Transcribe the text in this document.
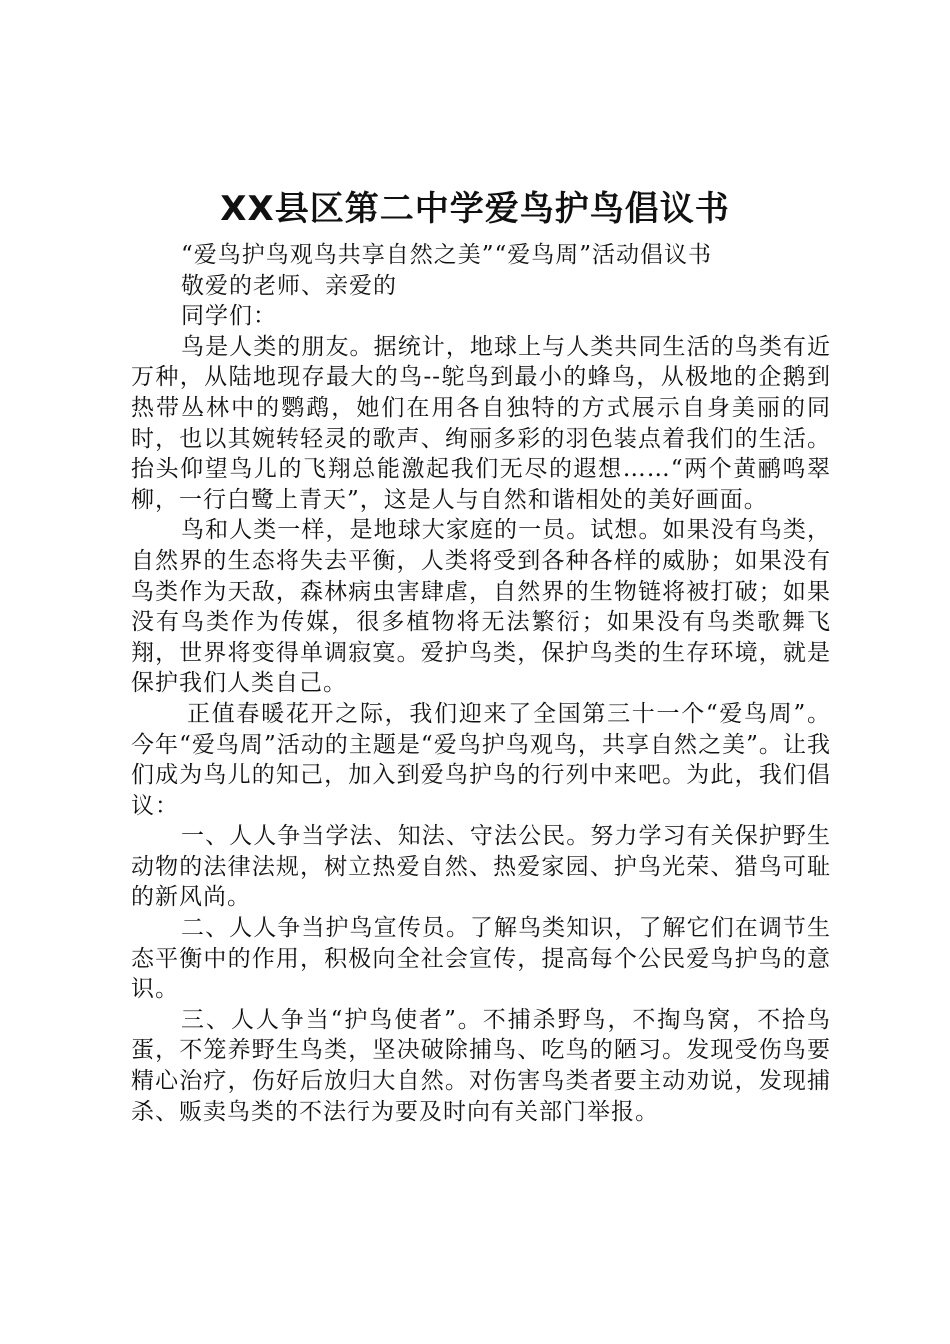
XX县区第二中学爱鸟护鸟倡议书

“爱鸟护鸟观鸟共享自然之美”“爱鸟周”活动倡议书

敬爱的老师、亲爱的

同学们：

鸟是人类的朋友。据统计，地球上与人类共同生活的鸟类有近万种，从陆地现存最大的鸟--鸵鸟到最小的蜂鸟，从极地的企鹅到热带丛林中的鹦鹉，她们在用各自独特的方式展示自身美丽的同时，也以其婉转轻灵的歌声、绚丽多彩的羽色装点着我们的生活。抬头仰望鸟儿的飞翔总能激起我们无尽的遐想……“两个黄鹂鸣翠柳，一行白鹭上青天”，这是人与自然和谐相处的美好画面。

鸟和人类一样，是地球大家庭的一员。试想。如果没有鸟类，自然界的生态将失去平衡，人类将受到各种各样的威胁；如果没有鸟类作为天敌，森林病虫害肆虐，自然界的生物链将被打破；如果没有鸟类作为传媒，很多植物将无法繁衍；如果没有鸟类歌舞飞翔，世界将变得单调寂寞。爱护鸟类，保护鸟类的生存环境，就是保护我们人类自己。

正值春暖花开之际，我们迎来了全国第三十一个“爱鸟周”。今年“爱鸟周”活动的主题是“爱鸟护鸟观鸟，共享自然之美”。让我们成为鸟儿的知己，加入到爱鸟护鸟的行列中来吧。为此，我们倡议：

一、人人争当学法、知法、守法公民。努力学习有关保护野生动物的法律法规，树立热爱自然、热爱家园、护鸟光荣、猎鸟可耻的新风尚。

二、人人争当护鸟宣传员。了解鸟类知识，了解它们在调节生态平衡中的作用，积极向全社会宣传，提高每个公民爱鸟护鸟的意识。

三、人人争当“护鸟使者”。不捕杀野鸟，不掏鸟窝，不拾鸟蛋，不笼养野生鸟类，坚决破除捕鸟、吃鸟的陋习。发现受伤鸟要精心治疗，伤好后放归大自然。对伤害鸟类者要主动劝说，发现捕杀、贩卖鸟类的不法行为要及时向有关部门举报。
